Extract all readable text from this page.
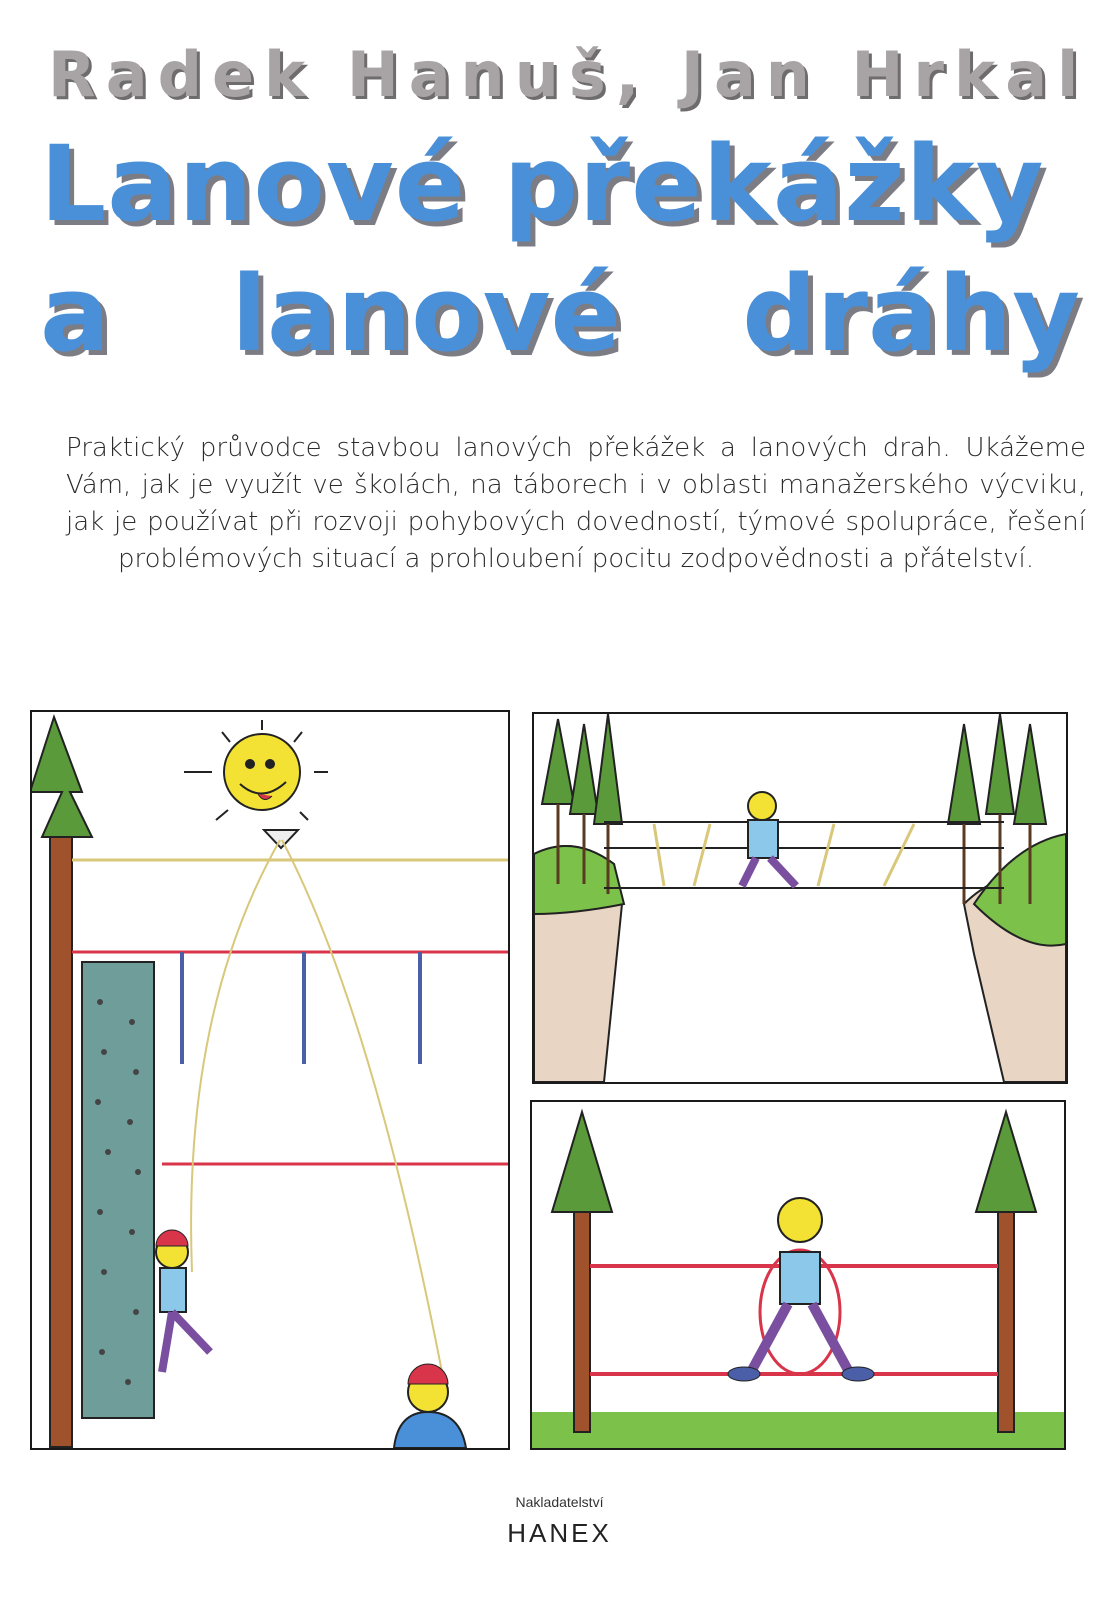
Radek Hanuš, Jan Hrkal
Lanové překážky
a lanové dráhy
Praktický průvodce stavbou lanových překážek a lanových drah. Ukážeme Vám, jak je využít ve školách, na táborech i v oblasti manažerského výcviku, jak je používat při rozvoji pohybových dovedností, týmové spolupráce, řešení problémových situací a prohloubení pocitu zodpovědnosti a přátelství.
Nakladatelství
HANEX
